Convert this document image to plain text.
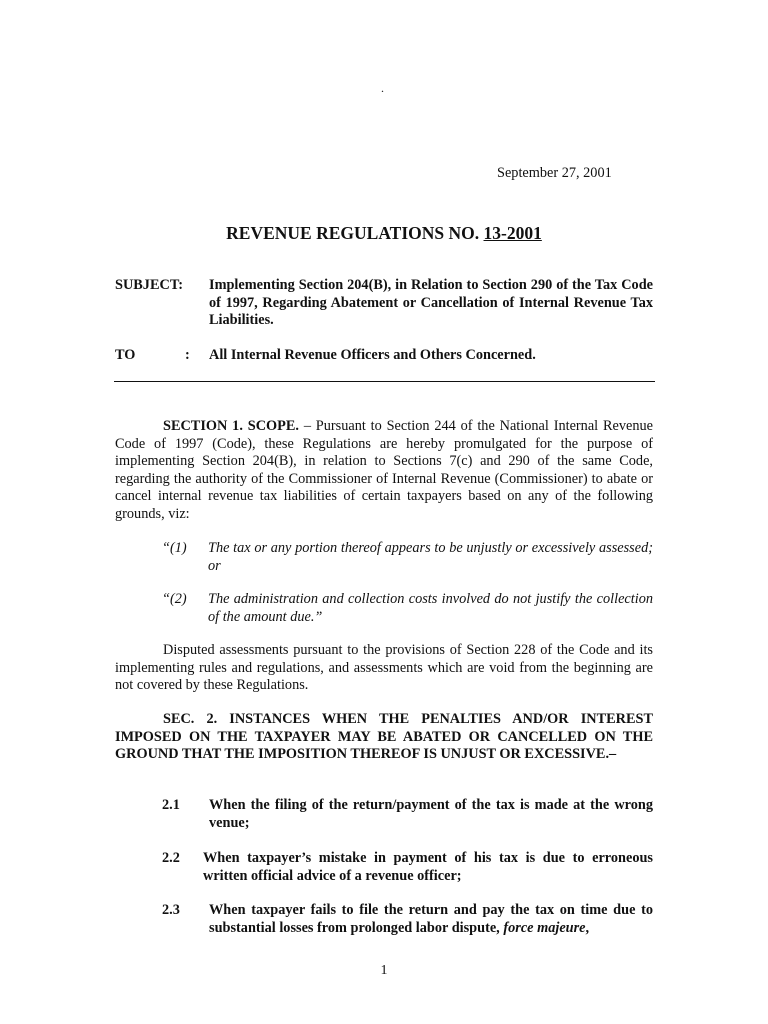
.
September 27, 2001
REVENUE REGULATIONS NO. 13-2001
SUBJECT: Implementing Section 204(B), in Relation to Section 290 of the Tax Code of 1997, Regarding Abatement or Cancellation of Internal Revenue Tax Liabilities.
TO	: All Internal Revenue Officers and Others Concerned.
SECTION 1. SCOPE. – Pursuant to Section 244 of the National Internal Revenue Code of 1997 (Code), these Regulations are hereby promulgated for the purpose of implementing Section 204(B), in relation to Sections 7(c) and 290 of the same Code, regarding the authority of the Commissioner of Internal Revenue (Commissioner) to abate or cancel internal revenue tax liabilities of certain taxpayers based on any of the following grounds, viz:
“(1) The tax or any portion thereof appears to be unjustly or excessively assessed; or
“(2) The administration and collection costs involved do not justify the collection of the amount due.”
Disputed assessments pursuant to the provisions of Section 228 of the Code and its implementing rules and regulations, and assessments which are void from the beginning are not covered by these Regulations.
SEC. 2. INSTANCES WHEN THE PENALTIES AND/OR INTEREST IMPOSED ON THE TAXPAYER MAY BE ABATED OR CANCELLED ON THE GROUND THAT THE IMPOSITION THEREOF IS UNJUST OR EXCESSIVE.–
2.1 When the filing of the return/payment of the tax is made at the wrong venue;
2.2 When taxpayer’s mistake in payment of his tax is due to erroneous written official advice of a revenue officer;
2.3 When taxpayer fails to file the return and pay the tax on time due to substantial losses from prolonged labor dispute, force majeure,
1
